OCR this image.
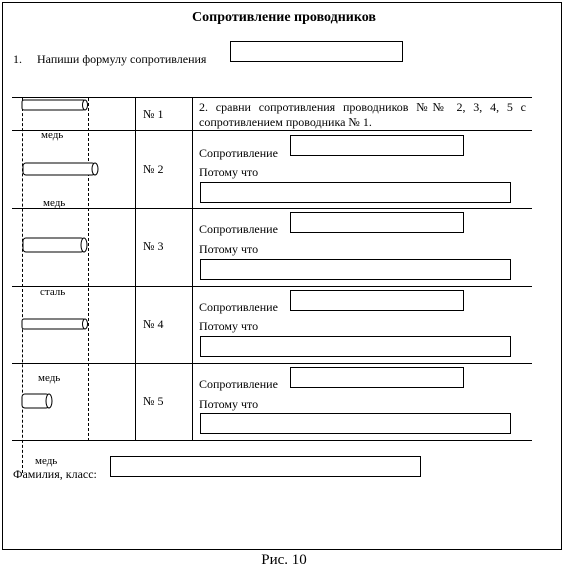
Сопротивление проводников
1. Напиши формулу сопротивления
медь
медь
сталь
медь
медь
№ 1
№ 2
№ 3
№ 4
№ 5
2. сравни сопротивления проводников №№ 2, 3, 4, 5 с
сопротивлением проводника № 1.
Сопротивление
Потому что
Сопротивление
Потому что
Сопротивление
Потому что
Сопротивление
Потому что
Фамилия, класс:
Рис. 10
